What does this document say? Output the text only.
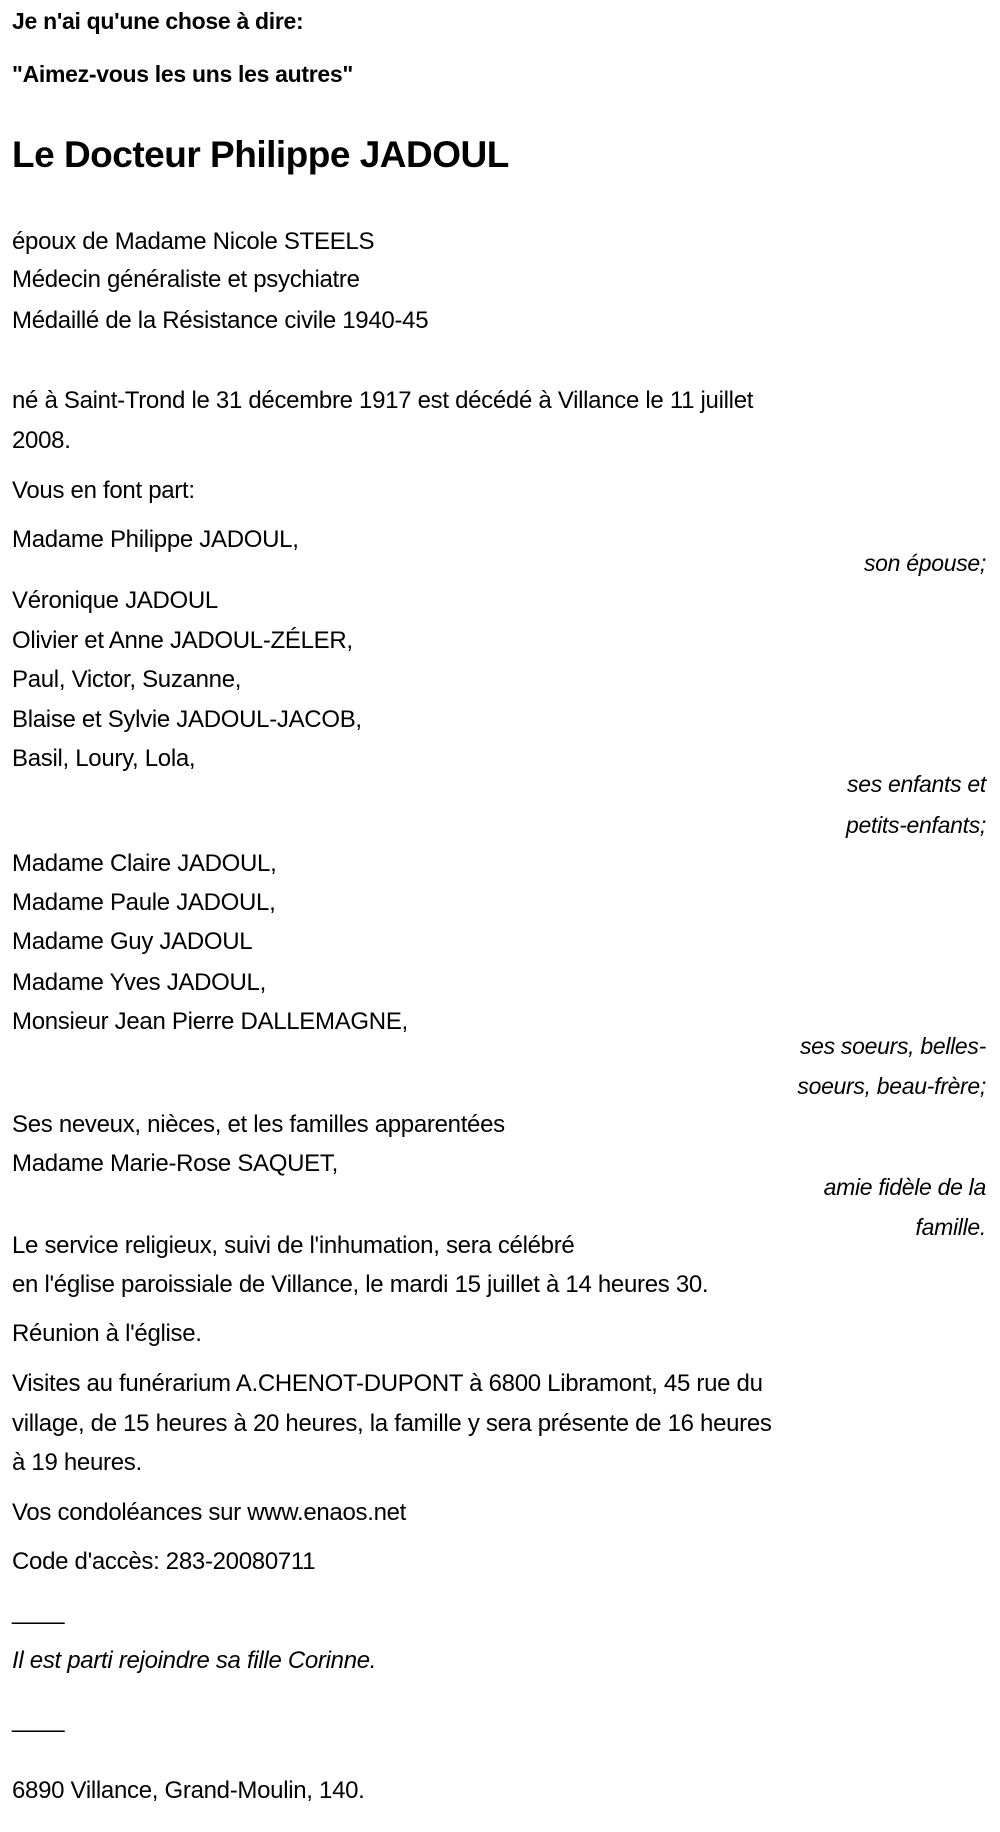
Je n'ai qu'une chose à dire:
"Aimez-vous les uns les autres"
Le Docteur Philippe JADOUL
époux de Madame Nicole STEELS
Médecin généraliste et psychiatre
Médaillé de la Résistance civile 1940-45
né à Saint-Trond le 31 décembre 1917 est décédé à Villance le 11 juillet
2008.
Vous en font part:
Madame Philippe JADOUL,
son épouse;
Véronique JADOUL
Olivier et Anne JADOUL-ZÉLER,
Paul, Victor, Suzanne,
Blaise et Sylvie JADOUL-JACOB,
Basil, Loury, Lola,
ses enfants et
petits-enfants;
Madame Claire JADOUL,
Madame Paule JADOUL,
Madame Guy JADOUL
Madame Yves JADOUL,
Monsieur Jean Pierre DALLEMAGNE,
ses soeurs, belles-
soeurs, beau-frère;
Ses neveux, nièces, et les familles apparentées
Madame Marie-Rose SAQUET,
amie fidèle de la
famille.
Le service religieux, suivi de l'inhumation, sera célébré
en l'église paroissiale de Villance, le mardi 15 juillet à 14 heures 30.
Réunion à l'église.
Visites au funérarium A.CHENOT-DUPONT à 6800 Libramont, 45 rue du
village, de 15 heures à 20 heures, la famille y sera présente de 16 heures
à 19 heures.
Vos condoléances sur www.enaos.net
Code d'accès: 283-20080711
____
Il est parti rejoindre sa fille Corinne.
____
6890 Villance, Grand-Moulin, 140.
